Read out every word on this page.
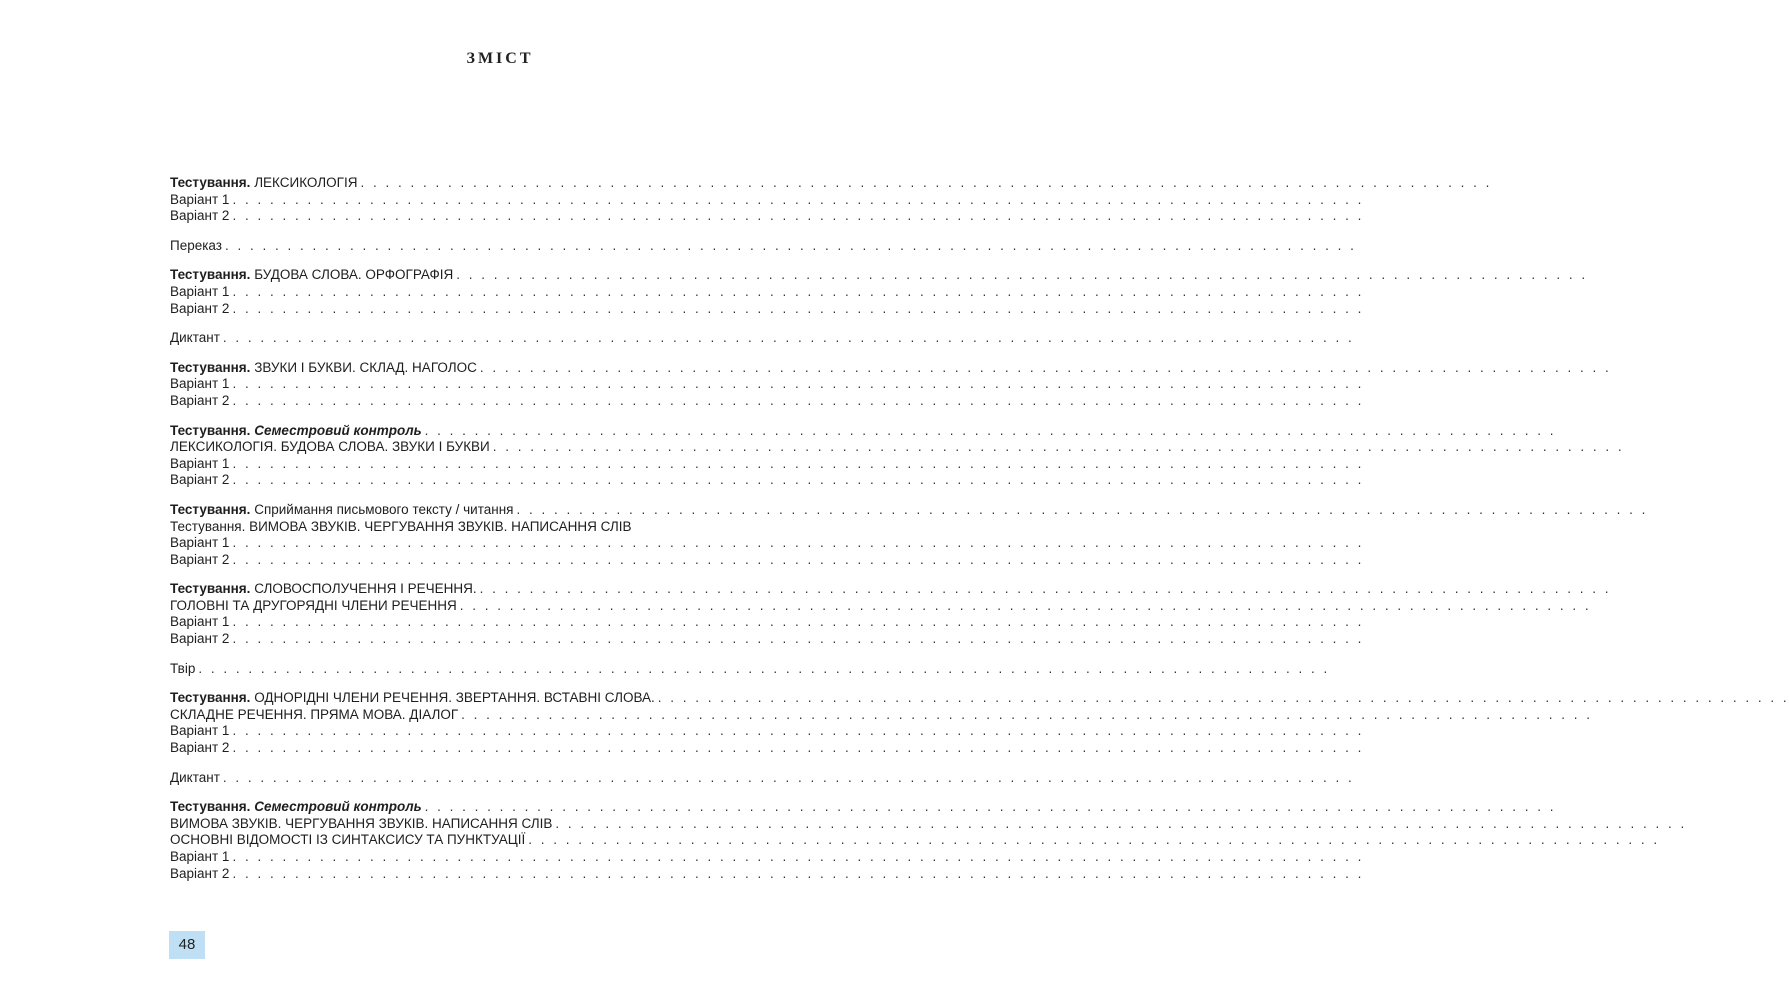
ЗМІСТ
Тестування. ЛЕКСИКОЛОГІЯ . . . . . . . . . . . . . . . . . . . . . . . . . . . . . . . . . . . . . . . . . . . . . . . . . . . . . . . . . . . . . . . . . . . . . . . . . . . . . . . . . . . . . . . . . . .
Варіант 1 . . . . . . . . . . . . . . . . . . . . . . . . . . . . . . . . . . . . . . . . . . . . . . . . . . . . . . . . . . . . . . . . . . . . . . . . . . . . . . . . . . . . . . . . . . .
Варіант 2 . . . . . . . . . . . . . . . . . . . . . . . . . . . . . . . . . . . . . . . . . . . . . . . . . . . . . . . . . . . . . . . . . . . . . . . . . . . . . . . . . . . . . . . . . . .
Переказ . . . . . . . . . . . . . . . . . . . . . . . . . . . . . . . . . . . . . . . . . . . . . . . . . . . . . . . . . . . . . . . . . . . . . . . . . . . . . . . . . . . . . . . . . . .
Тестування. БУДОВА СЛОВА. ОРФОГРАФІЯ . . . . . . . . . . . . . . . . . . . . . . . . . . . . . . . . . . . . . . . . . . . . . . . . . . . . . . . . . . . . . . . . . . . . . . . . . . . . . . . . . . . . . . . . . . .
Варіант 1 . . . . . . . . . . . . . . . . . . . . . . . . . . . . . . . . . . . . . . . . . . . . . . . . . . . . . . . . . . . . . . . . . . . . . . . . . . . . . . . . . . . . . . . . . . .
Варіант 2 . . . . . . . . . . . . . . . . . . . . . . . . . . . . . . . . . . . . . . . . . . . . . . . . . . . . . . . . . . . . . . . . . . . . . . . . . . . . . . . . . . . . . . . . . . .
Диктант . . . . . . . . . . . . . . . . . . . . . . . . . . . . . . . . . . . . . . . . . . . . . . . . . . . . . . . . . . . . . . . . . . . . . . . . . . . . . . . . . . . . . . . . . . .
Тестування. ЗВУКИ І БУКВИ. СКЛАД. НАГОЛОС . . . . . . . . . . . . . . . . . . . . . . . . . . . . . . . . . . . . . . . . . . . . . . . . . . . . . . . . . . . . . . . . . . . . . . . . . . . . . . . . . . . . . . . . . . .
Варіант 1 . . . . . . . . . . . . . . . . . . . . . . . . . . . . . . . . . . . . . . . . . . . . . . . . . . . . . . . . . . . . . . . . . . . . . . . . . . . . . . . . . . . . . . . . . . .
Варіант 2 . . . . . . . . . . . . . . . . . . . . . . . . . . . . . . . . . . . . . . . . . . . . . . . . . . . . . . . . . . . . . . . . . . . . . . . . . . . . . . . . . . . . . . . . . . .
Тестування. Семестровий контроль . . . . . . . . . . . . . . . . . . . . . . . . . . . . . . . . . . . . . . . . . . . . . . . . . . . . . . . . . . . . . . . . . . . . . . . . . . . . . . . . . . . . . . . . . . .
ЛЕКСИКОЛОГІЯ. БУДОВА СЛОВА. ЗВУКИ І БУКВИ . . . . . . . . . . . . . . . . . . . . . . . . . . . . . . . . . . . . . . . . . . . . . . . . . . . . . . . . . . . . . . . . . . . . . . . . . . . . . . . . . . . . . . . . . . .
Варіант 1 . . . . . . . . . . . . . . . . . . . . . . . . . . . . . . . . . . . . . . . . . . . . . . . . . . . . . . . . . . . . . . . . . . . . . . . . . . . . . . . . . . . . . . . . . . .
Варіант 2 . . . . . . . . . . . . . . . . . . . . . . . . . . . . . . . . . . . . . . . . . . . . . . . . . . . . . . . . . . . . . . . . . . . . . . . . . . . . . . . . . . . . . . . . . . .
Тестування. Сприймання письмового тексту / читання . . . . . . . . . . . . . . . . . . . . . . . . . . . . . . . . . . . . . . . . . . . . . . . . . . . . . . . . . . . . . . . . . . . . . . . . . . . . . . . . . . . . . . . . . . .
Тестування. ВИМОВА ЗВУКІВ. ЧЕРГУВАННЯ ЗВУКІВ. НАПИСАННЯ СЛІВ
Варіант 1 . . . . . . . . . . . . . . . . . . . . . . . . . . . . . . . . . . . . . . . . . . . . . . . . . . . . . . . . . . . . . . . . . . . . . . . . . . . . . . . . . . . . . . . . . . .
Варіант 2 . . . . . . . . . . . . . . . . . . . . . . . . . . . . . . . . . . . . . . . . . . . . . . . . . . . . . . . . . . . . . . . . . . . . . . . . . . . . . . . . . . . . . . . . . . .
Тестування. СЛОВОСПОЛУЧЕННЯ І РЕЧЕННЯ. . . . . . . . . . . . . . . . . . . . . . . . . . . . . . . . . . . . . . . . . . . . . . . . . . . . . . . . . . . . . . . . . . . . . . . . . . . . . . . . . . . . . . . . . . . .
ГОЛОВНІ ТА ДРУГОРЯДНІ ЧЛЕНИ РЕЧЕННЯ . . . . . . . . . . . . . . . . . . . . . . . . . . . . . . . . . . . . . . . . . . . . . . . . . . . . . . . . . . . . . . . . . . . . . . . . . . . . . . . . . . . . . . . . . . .
Варіант 1 . . . . . . . . . . . . . . . . . . . . . . . . . . . . . . . . . . . . . . . . . . . . . . . . . . . . . . . . . . . . . . . . . . . . . . . . . . . . . . . . . . . . . . . . . . .
Варіант 2 . . . . . . . . . . . . . . . . . . . . . . . . . . . . . . . . . . . . . . . . . . . . . . . . . . . . . . . . . . . . . . . . . . . . . . . . . . . . . . . . . . . . . . . . . . .
Твір . . . . . . . . . . . . . . . . . . . . . . . . . . . . . . . . . . . . . . . . . . . . . . . . . . . . . . . . . . . . . . . . . . . . . . . . . . . . . . . . . . . . . . . . . . .
Тестування. ОДНОРІДНІ ЧЛЕНИ РЕЧЕННЯ. ЗВЕРТАННЯ. ВСТАВНІ СЛОВА. . . . . . . . . . . . . . . . . . . . . . . . . . . . . . . . . . . . . . . . . . . . . . . . . . . . . . . . . . . . . . . . . . . . . . . . . . . . . . . . . . . . . . . . . . . .
СКЛАДНЕ РЕЧЕННЯ. ПРЯМА МОВА. ДІАЛОГ . . . . . . . . . . . . . . . . . . . . . . . . . . . . . . . . . . . . . . . . . . . . . . . . . . . . . . . . . . . . . . . . . . . . . . . . . . . . . . . . . . . . . . . . . . .
Варіант 1 . . . . . . . . . . . . . . . . . . . . . . . . . . . . . . . . . . . . . . . . . . . . . . . . . . . . . . . . . . . . . . . . . . . . . . . . . . . . . . . . . . . . . . . . . . .
Варіант 2 . . . . . . . . . . . . . . . . . . . . . . . . . . . . . . . . . . . . . . . . . . . . . . . . . . . . . . . . . . . . . . . . . . . . . . . . . . . . . . . . . . . . . . . . . . .
Диктант . . . . . . . . . . . . . . . . . . . . . . . . . . . . . . . . . . . . . . . . . . . . . . . . . . . . . . . . . . . . . . . . . . . . . . . . . . . . . . . . . . . . . . . . . . .
Тестування. Семестровий контроль . . . . . . . . . . . . . . . . . . . . . . . . . . . . . . . . . . . . . . . . . . . . . . . . . . . . . . . . . . . . . . . . . . . . . . . . . . . . . . . . . . . . . . . . . . .
ВИМОВА ЗВУКІВ. ЧЕРГУВАННЯ ЗВУКІВ. НАПИСАННЯ СЛІВ . . . . . . . . . . . . . . . . . . . . . . . . . . . . . . . . . . . . . . . . . . . . . . . . . . . . . . . . . . . . . . . . . . . . . . . . . . . . . . . . . . . . . . . . . . .
ОСНОВНІ ВІДОМОСТІ ІЗ СИНТАКСИСУ ТА ПУНКТУАЦІЇ . . . . . . . . . . . . . . . . . . . . . . . . . . . . . . . . . . . . . . . . . . . . . . . . . . . . . . . . . . . . . . . . . . . . . . . . . . . . . . . . . . . . . . . . . . .
Варіант 1 . . . . . . . . . . . . . . . . . . . . . . . . . . . . . . . . . . . . . . . . . . . . . . . . . . . . . . . . . . . . . . . . . . . . . . . . . . . . . . . . . . . . . . . . . . .
Варіант 2 . . . . . . . . . . . . . . . . . . . . . . . . . . . . . . . . . . . . . . . . . . . . . . . . . . . . . . . . . . . . . . . . . . . . . . . . . . . . . . . . . . . . . . . . . . .
48
